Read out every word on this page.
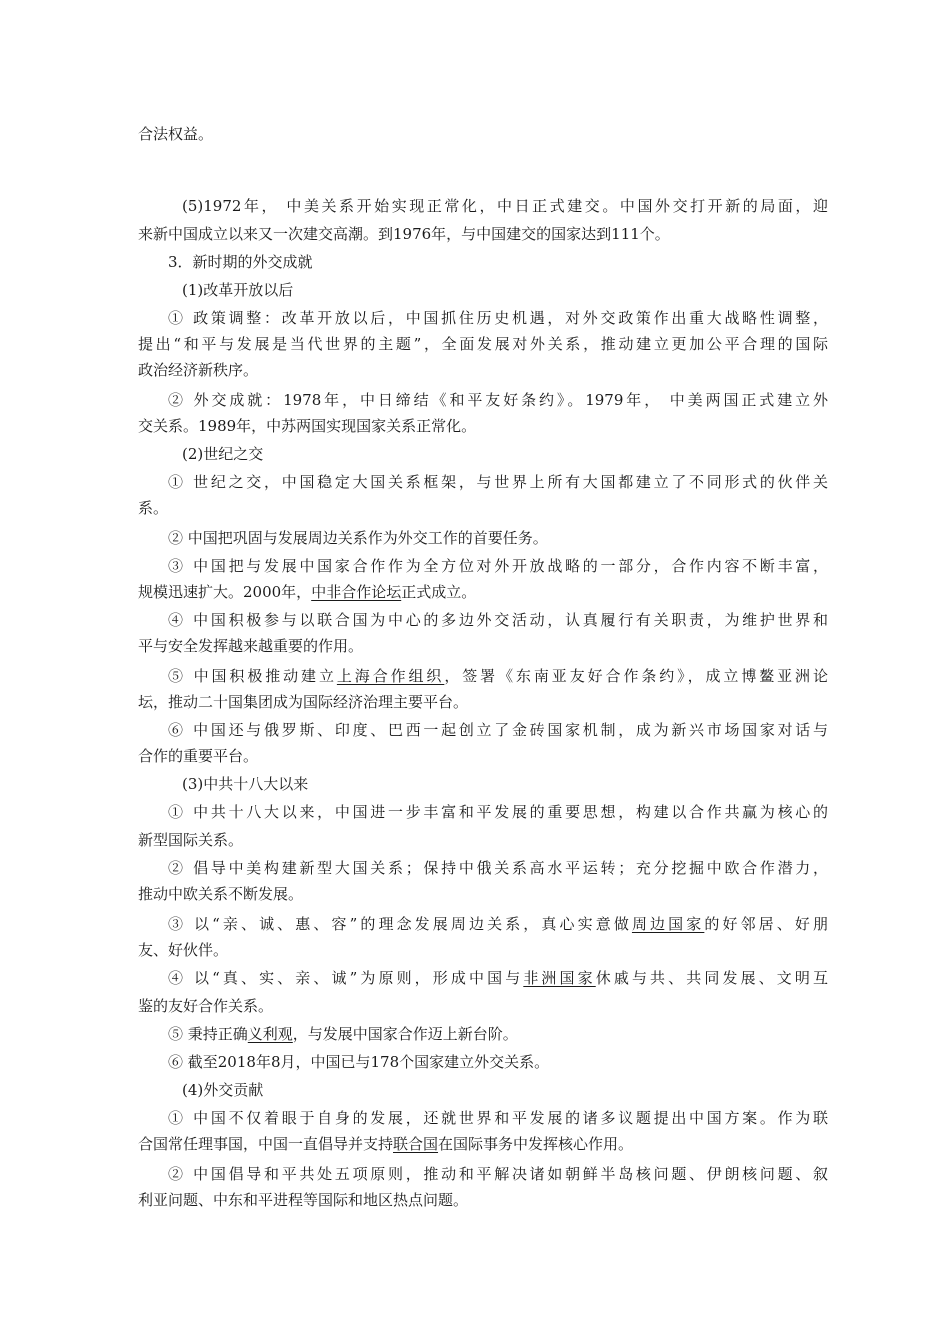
合法权益。
(5)1972年， 中美关系开始实现正常化，中日正式建交。中国外交打开新的局面，迎
来新中国成立以来又一次建交高潮。到1976年，与中国建交的国家达到111个。
3．新时期的外交成就
(1)改革开放以后
① 政策调整：改革开放以后，中国抓住历史机遇，对外交政策作出重大战略性调整，
提出“和平与发展是当代世界的主题”，全面发展对外关系，推动建立更加公平合理的国际
政治经济新秩序。
② 外交成就：1978年，中日缔结《和平友好条约》。1979年， 中美两国正式建立外
交关系。1989年，中苏两国实现国家关系正常化。
(2)世纪之交
① 世纪之交，中国稳定大国关系框架，与世界上所有大国都建立了不同形式的伙伴关
系。
② 中国把巩固与发展周边关系作为外交工作的首要任务。
③ 中国把与发展中国家合作作为全方位对外开放战略的一部分，合作内容不断丰富，
规模迅速扩大。2000年，中非合作论坛正式成立。
④ 中国积极参与以联合国为中心的多边外交活动，认真履行有关职责，为维护世界和
平与安全发挥越来越重要的作用。
⑤ 中国积极推动建立上海合作组织，签署《东南亚友好合作条约》，成立博鳌亚洲论
坛，推动二十国集团成为国际经济治理主要平台。
⑥ 中国还与俄罗斯、印度、巴西一起创立了金砖国家机制，成为新兴市场国家对话与
合作的重要平台。
(3)中共十八大以来
① 中共十八大以来，中国进一步丰富和平发展的重要思想，构建以合作共赢为核心的
新型国际关系。
② 倡导中美构建新型大国关系；保持中俄关系高水平运转；充分挖掘中欧合作潜力，
推动中欧关系不断发展。
③ 以“亲、诚、惠、容”的理念发展周边关系，真心实意做周边国家的好邻居、好朋
友、好伙伴。
④ 以“真、实、亲、诚”为原则，形成中国与非洲国家休戚与共、共同发展、文明互
鉴的友好合作关系。
⑤ 秉持正确义利观，与发展中国家合作迈上新台阶。
⑥ 截至2018年8月，中国已与178个国家建立外交关系。
(4)外交贡献
① 中国不仅着眼于自身的发展，还就世界和平发展的诸多议题提出中国方案。作为联
合国常任理事国，中国一直倡导并支持联合国在国际事务中发挥核心作用。
② 中国倡导和平共处五项原则，推动和平解决诸如朝鲜半岛核问题、伊朗核问题、叙
利亚问题、中东和平进程等国际和地区热点问题。
